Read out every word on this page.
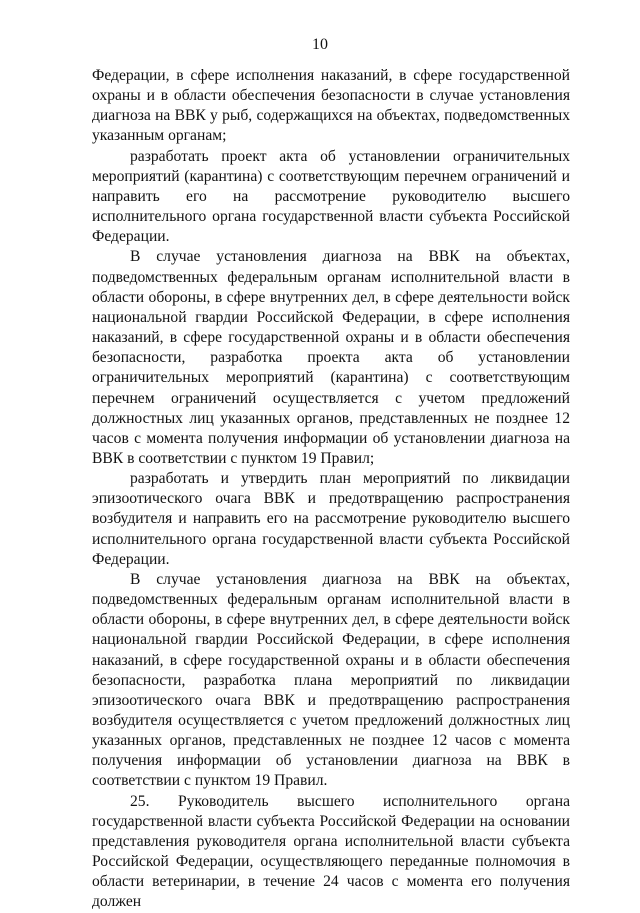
10

Федерации, в сфере исполнения наказаний, в сфере государственной охраны и в области обеспечения безопасности в случае установления диагноза на ВВК у рыб, содержащихся на объектах, подведомственных указанным органам;

разработать проект акта об установлении ограничительных мероприятий (карантина) с соответствующим перечнем ограничений и направить его на рассмотрение руководителю высшего исполнительного органа государственной власти субъекта Российской Федерации.

В случае установления диагноза на ВВК на объектах, подведомственных федеральным органам исполнительной власти в области обороны, в сфере внутренних дел, в сфере деятельности войск национальной гвардии Российской Федерации, в сфере исполнения наказаний, в сфере государственной охраны и в области обеспечения безопасности, разработка проекта акта об установлении ограничительных мероприятий (карантина) с соответствующим перечнем ограничений осуществляется с учетом предложений должностных лиц указанных органов, представленных не позднее 12 часов с момента получения информации об установлении диагноза на ВВК в соответствии с пунктом 19 Правил;

разработать и утвердить план мероприятий по ликвидации эпизоотического очага ВВК и предотвращению распространения возбудителя и направить его на рассмотрение руководителю высшего исполнительного органа государственной власти субъекта Российской Федерации.

В случае установления диагноза на ВВК на объектах, подведомственных федеральным органам исполнительной власти в области обороны, в сфере внутренних дел, в сфере деятельности войск национальной гвардии Российской Федерации, в сфере исполнения наказаний, в сфере государственной охраны и в области обеспечения безопасности, разработка плана мероприятий по ликвидации эпизоотического очага ВВК и предотвращению распространения возбудителя осуществляется с учетом предложений должностных лиц указанных органов, представленных не позднее 12 часов с момента получения информации об установлении диагноза на ВВК в соответствии с пунктом 19 Правил.

25. Руководитель высшего исполнительного органа государственной власти субъекта Российской Федерации на основании представления руководителя органа исполнительной власти субъекта Российской Федерации, осуществляющего переданные полномочия в области ветеринарии, в течение 24 часов с момента его получения должен
